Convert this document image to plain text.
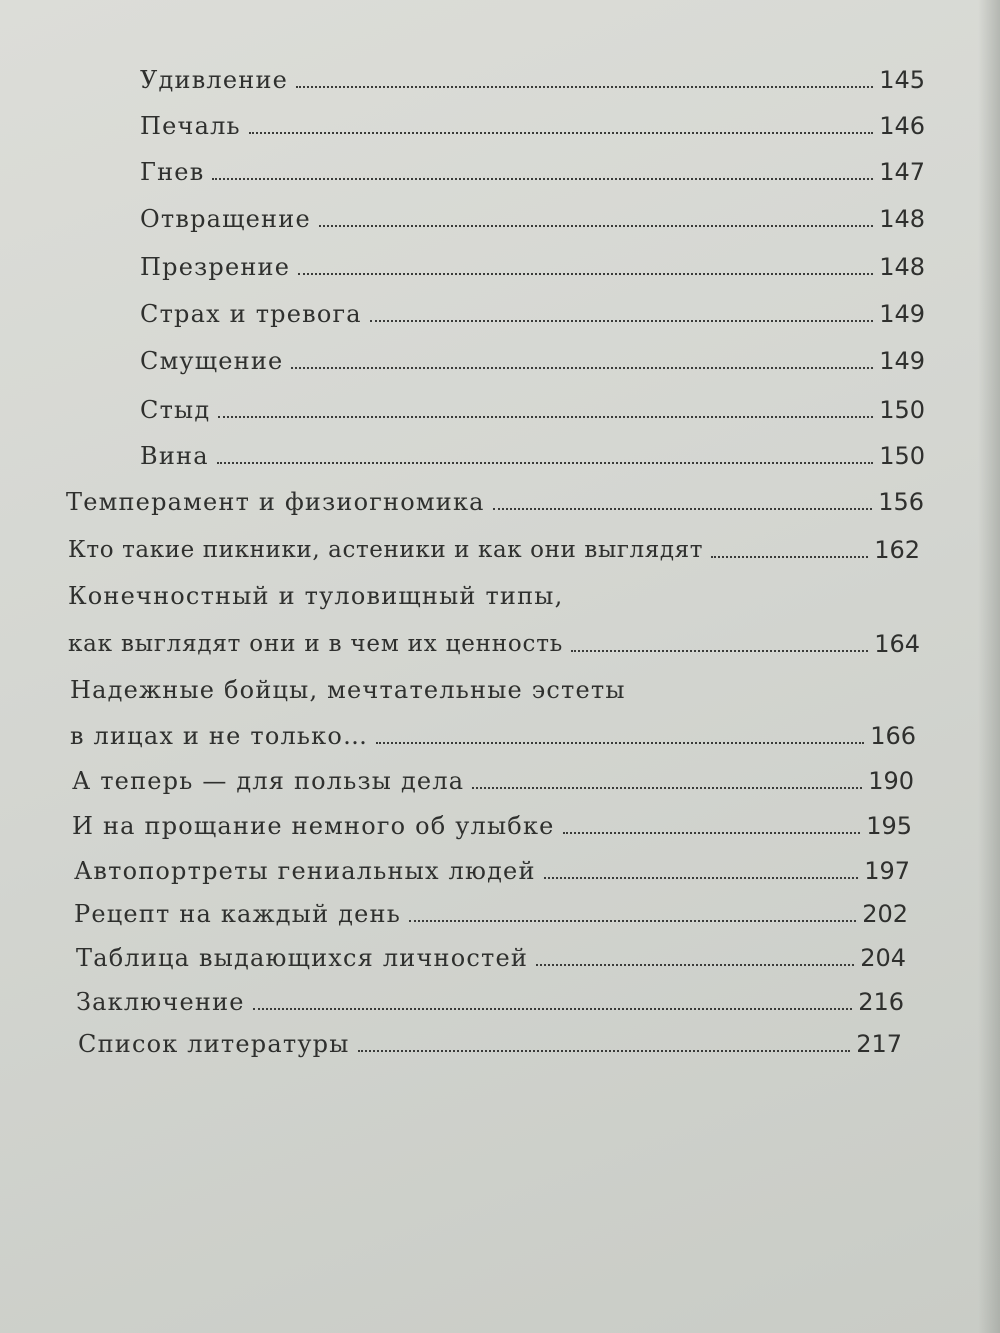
Удивление	145
Печаль	146
Гнев	147
Отвращение	148
Презрение	148
Страх и тревога	149
Смущение	149
Стыд	150
Вина	150
Темперамент и физиогномика	156
Кто такие пикники, астеники и как они выглядят	162
Конечностный и туловищный типы,
как выглядят они и в чем их ценность	164
Надежные бойцы, мечтательные эстеты
в лицах и не только…	166
А теперь — для пользы дела	190
И на прощание немного об улыбке	195
Автопортреты гениальных людей	197
Рецепт на каждый день	202
Таблица выдающихся личностей	204
Заключение	216
Список литературы	217
